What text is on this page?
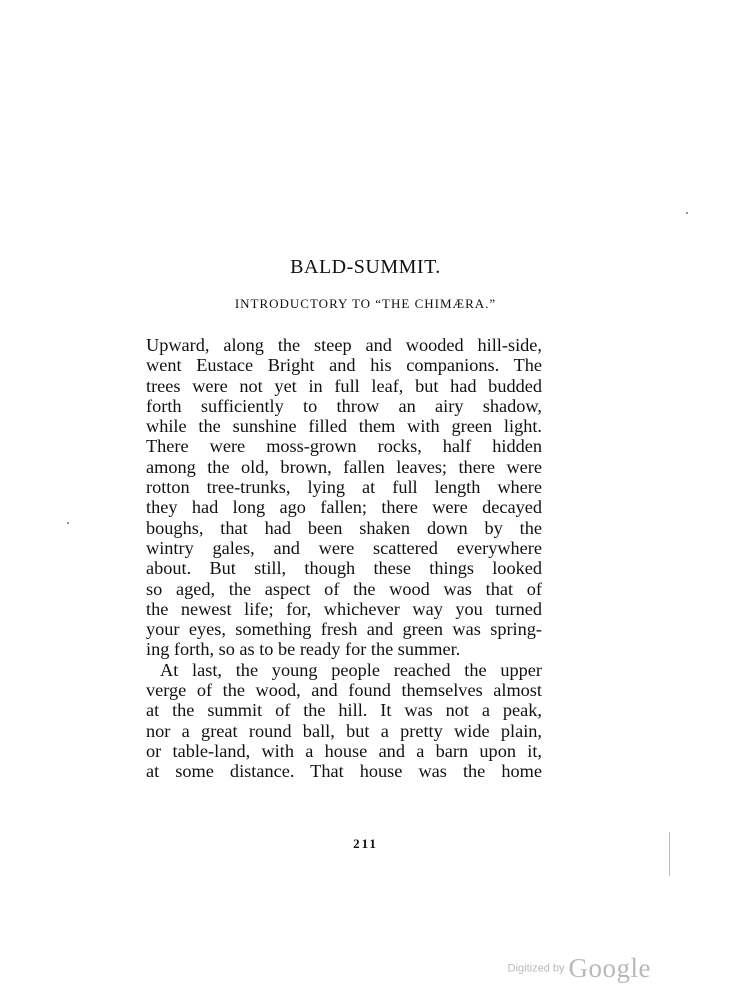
BALD-SUMMIT.
INTRODUCTORY TO “THE CHIMÆRA.”
Upward, along the steep and wooded hill-side,
went Eustace Bright and his companions. The
trees were not yet in full leaf, but had budded
forth sufficiently to throw an airy shadow,
while the sunshine filled them with green light.
There were moss-grown rocks, half hidden
among the old, brown, fallen leaves; there were
rotton tree-trunks, lying at full length where
they had long ago fallen; there were decayed
boughs, that had been shaken down by the
wintry gales, and were scattered everywhere
about. But still, though these things looked
so aged, the aspect of the wood was that of
the newest life; for, whichever way you turned
your eyes, something fresh and green was spring-
ing forth, so as to be ready for the summer.
At last, the young people reached the upper
verge of the wood, and found themselves almost
at the summit of the hill. It was not a peak,
nor a great round ball, but a pretty wide plain,
or table-land, with a house and a barn upon it,
at some distance. That house was the home
211
Digitized by Google
